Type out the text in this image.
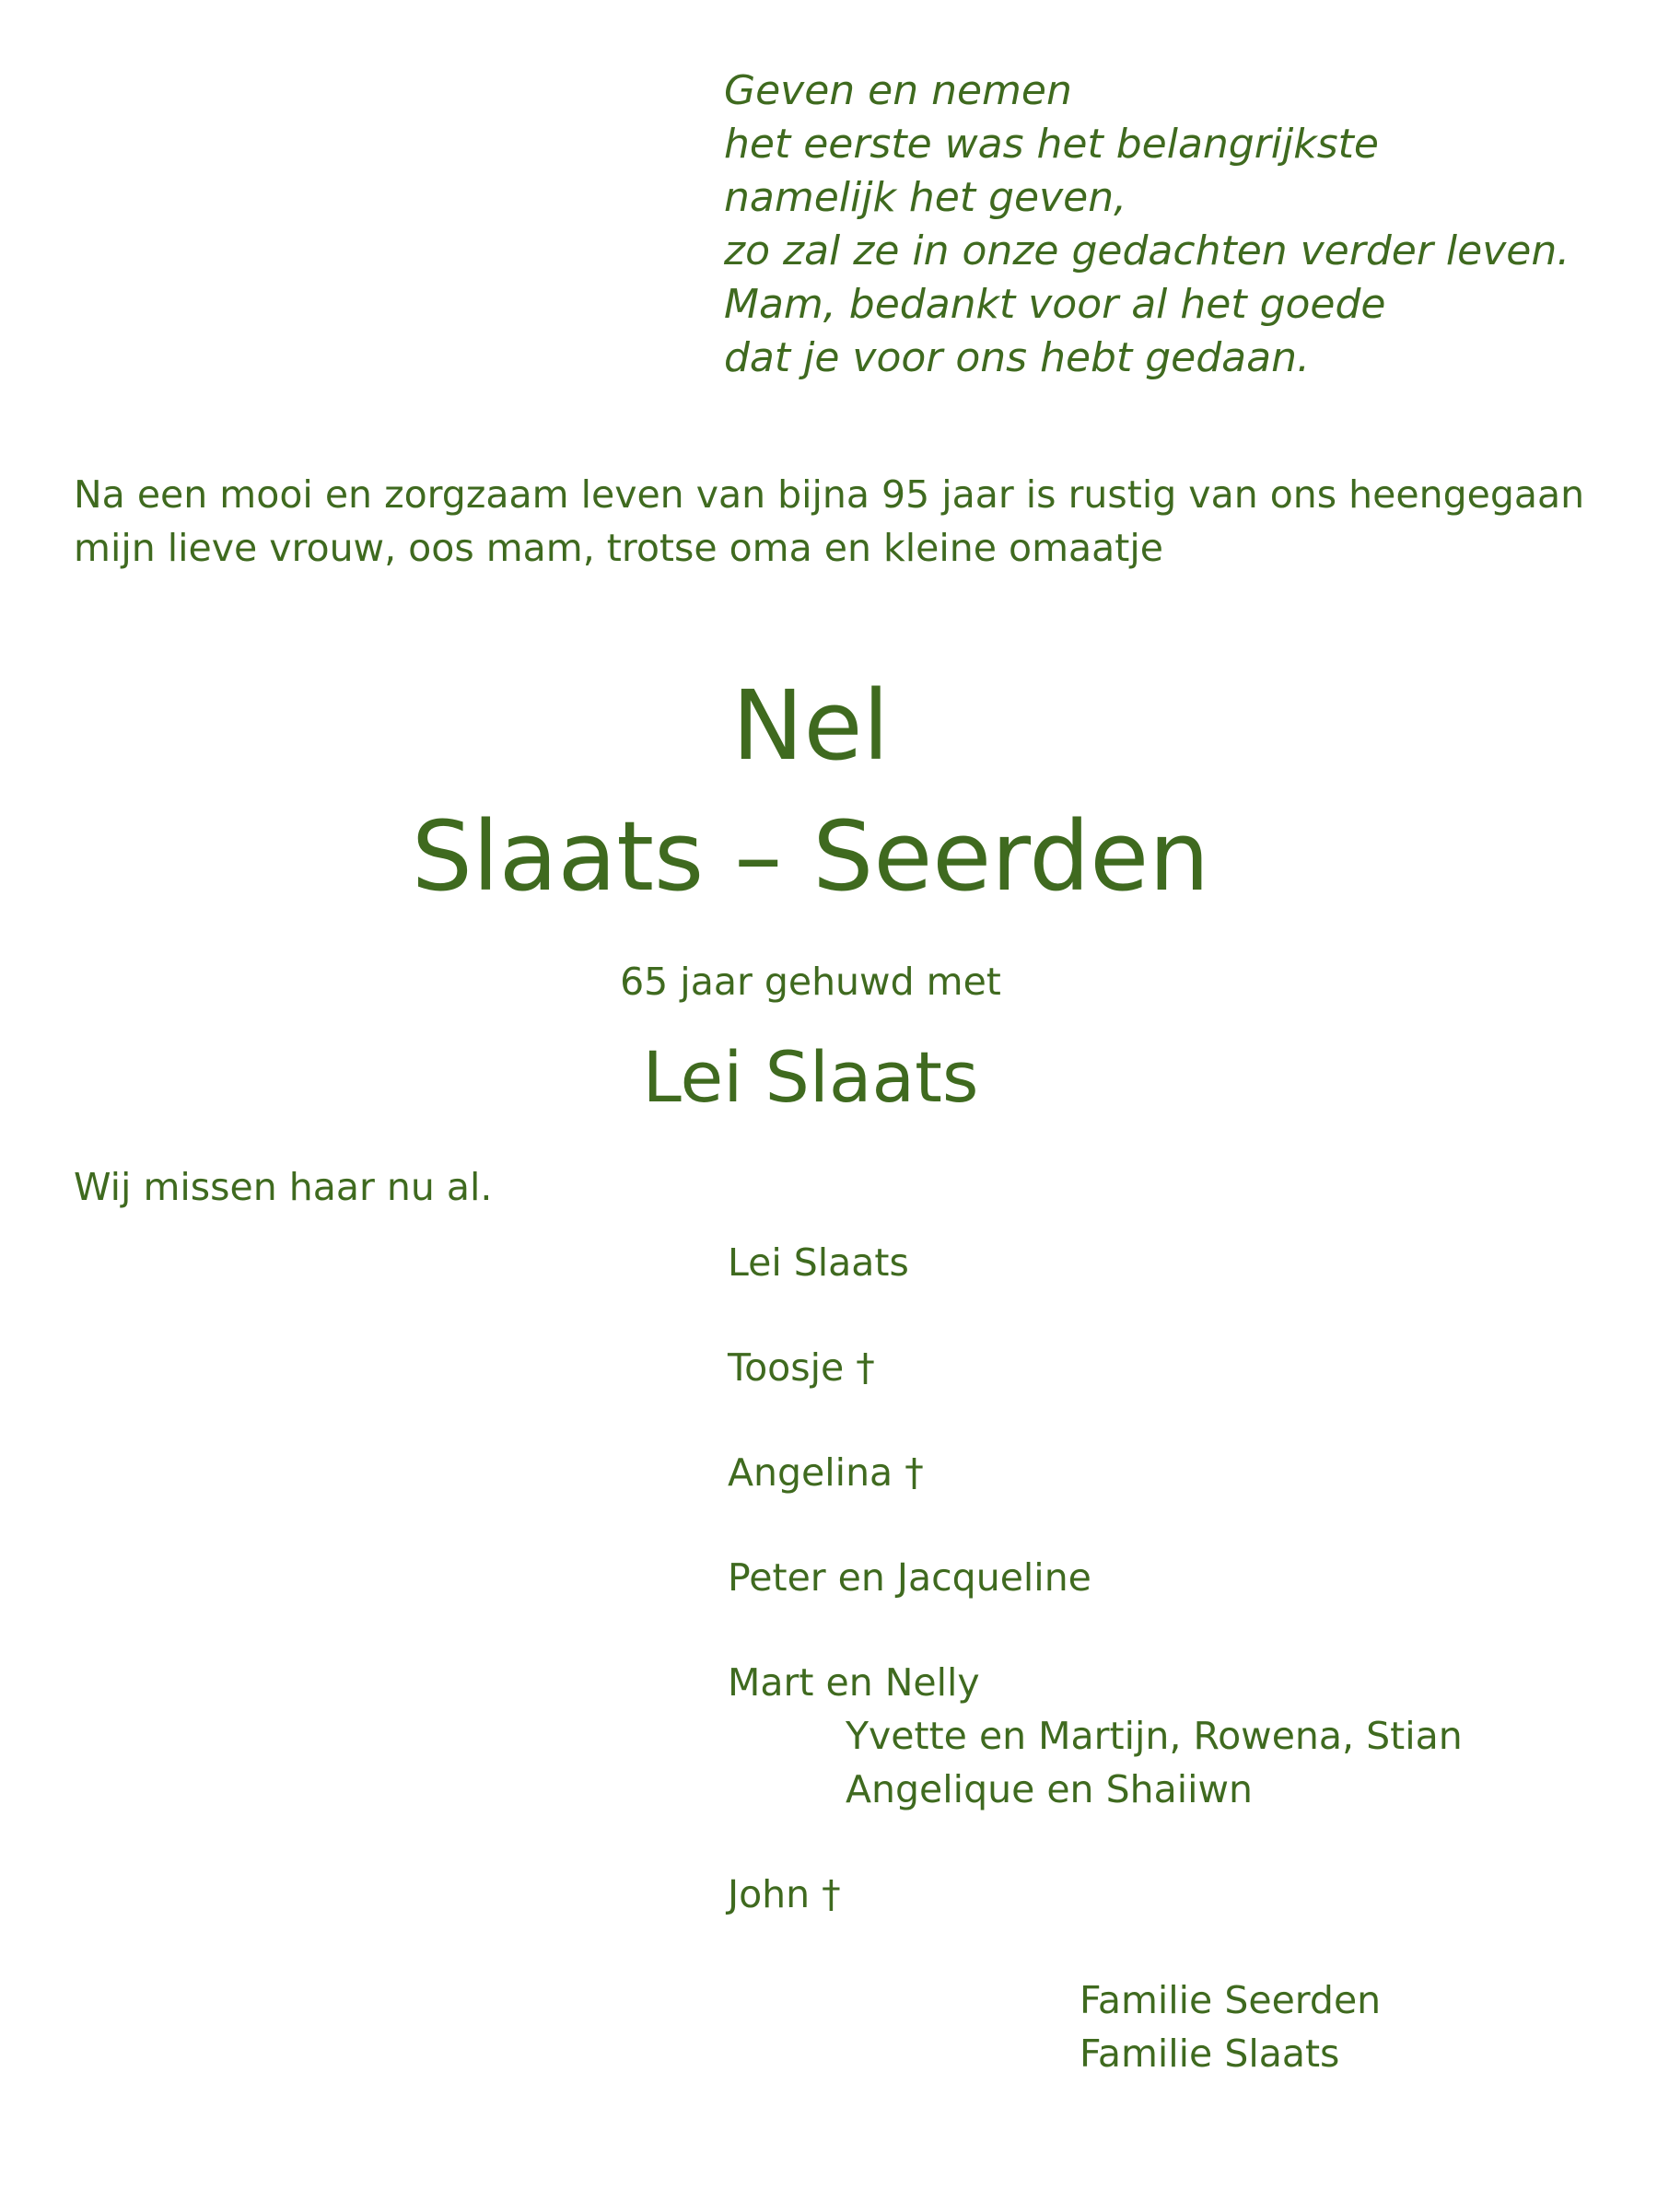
Geven en nemen
het eerste was het belangrijkste
namelijk het geven,
zo zal ze in onze gedachten verder leven.
Mam, bedankt voor al het goede
dat je voor ons hebt gedaan.
Na een mooi en zorgzaam leven van bijna 95 jaar is rustig van ons heengegaan
mijn lieve vrouw, oos mam, trotse oma en kleine omaatje
Nel
Slaats – Seerden
65 jaar gehuwd met
Lei Slaats
Wij missen haar nu al.
Lei Slaats
Toosje †
Angelina †
Peter en Jacqueline
Mart en Nelly
Yvette en Martijn, Rowena, Stian
Angelique en Shaiiwn
John †
Familie Seerden
Familie Slaats
